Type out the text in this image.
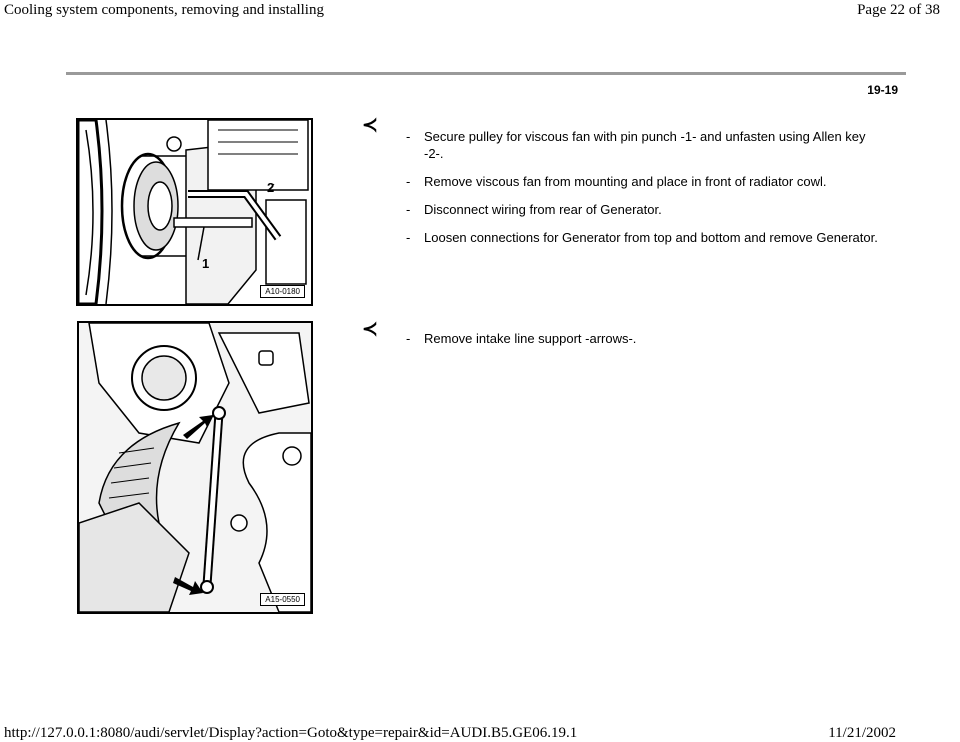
Cooling system components, removing and installing	Page 22 of 38
19-19
2
1
A10-0180
≺
- Secure pulley for viscous fan with pin punch -1- and unfasten using Allen key -2-.
- Remove viscous fan from mounting and place in front of radiator cowl.
- Disconnect wiring from rear of Generator.
- Loosen connections for Generator from top and bottom and remove Generator.
A15-0550
≺
-	Remove intake line support -arrows-.
http://127.0.0.1:8080/audi/servlet/Display?action=Goto&type=repair&id=AUDI.B5.GE06.19.1	11/21/2002
